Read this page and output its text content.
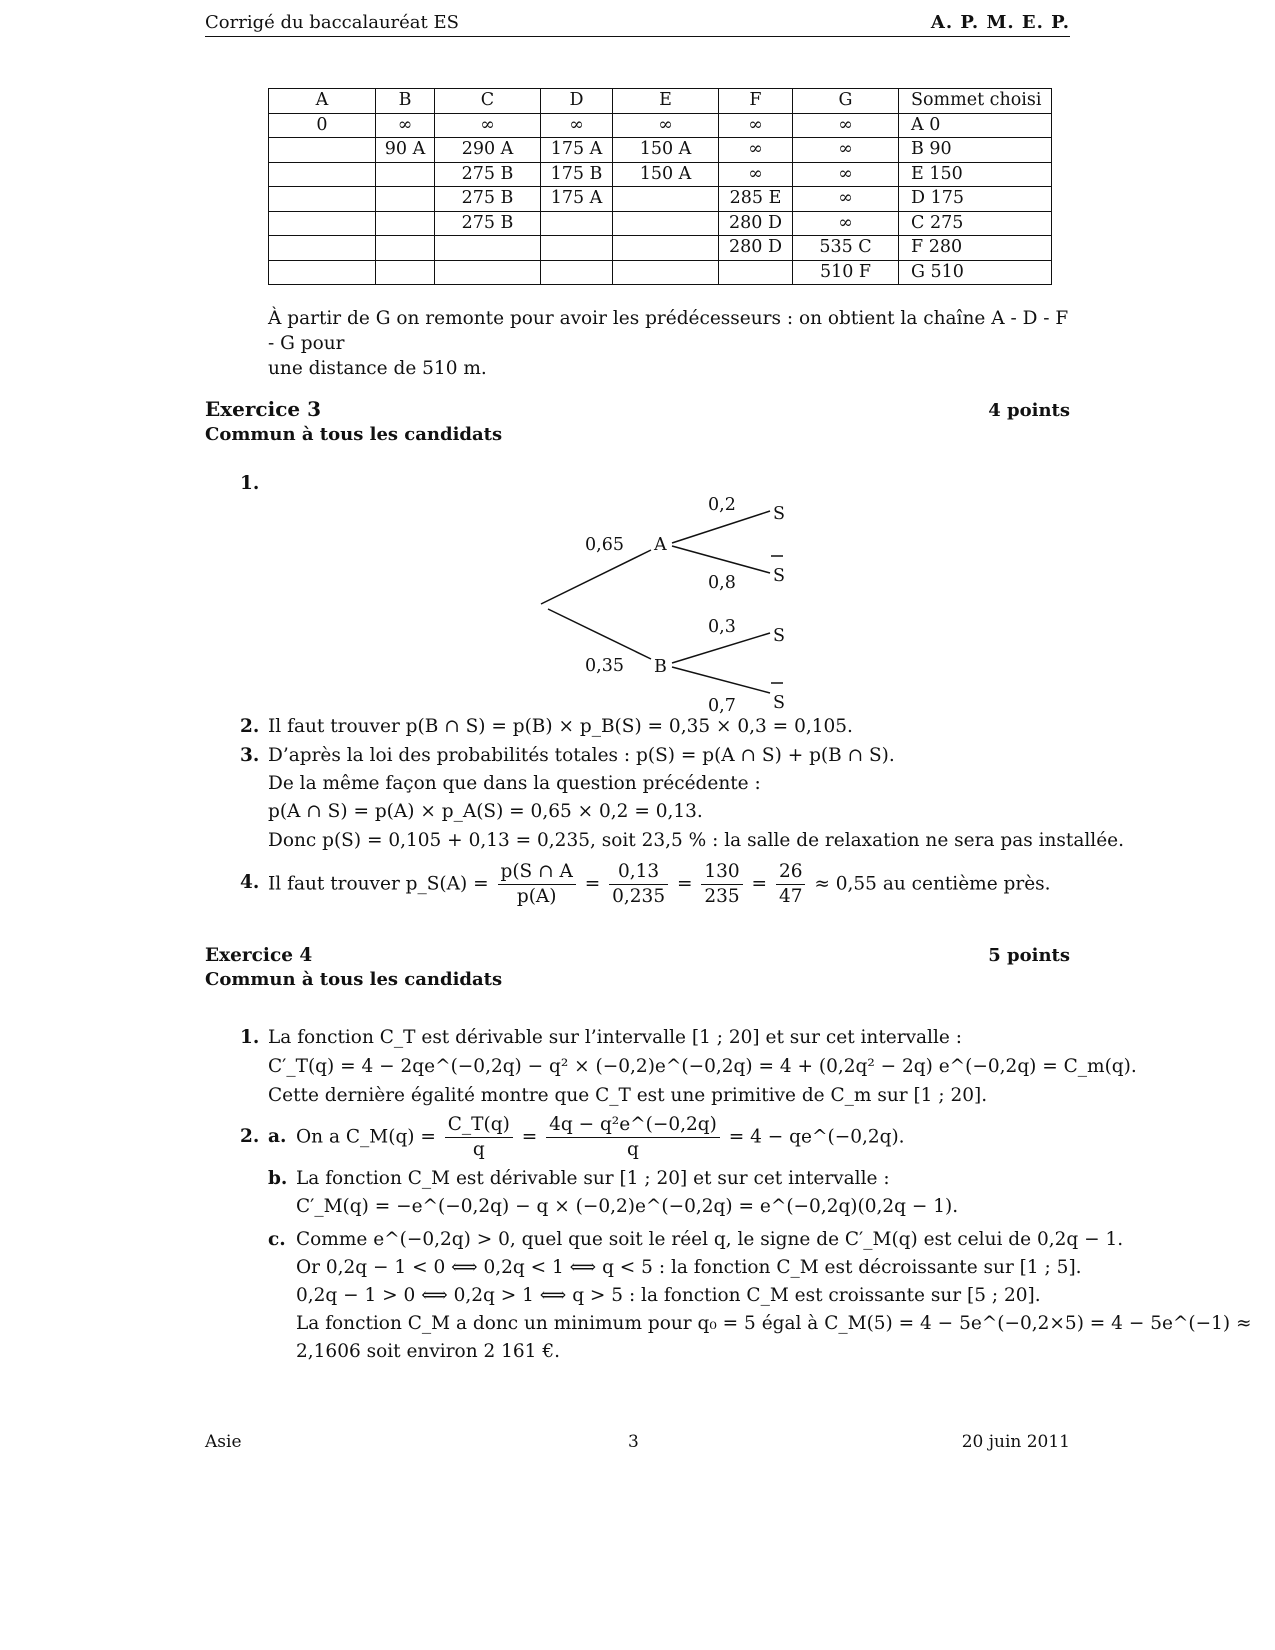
Corrigé du baccalauréat ES	A. P. M. E. P.
A	B	C	D	E	F	G	Sommet choisi
0	∞	∞	∞	∞	∞	∞	A 0
	90 A	290 A	175 A	150 A	∞	∞	B 90
		275 B	175 B	150 A	∞	∞	E 150
		275 B	175 A		285 E	∞	D 175
		275 B			280 D	∞	C 275
					280 D	535 C	F 280
						510 F	G 510
À partir de G on remonte pour avoir les prédécesseurs : on obtient la chaîne A - D - F - G pour
une distance de 510 m.
Exercice 3	4 points
Commun à tous les candidats
1.
A
B
0,65
0,35
0,2
0,8
0,3
0,7
S
S
S
S
2. Il faut trouver p(B ∩ S) = p(B) × p_B(S) = 0,35 × 0,3 = 0,105.
3. D’après la loi des probabilités totales : p(S) = p(A ∩ S) + p(B ∩ S).
De la même façon que dans la question précédente :
p(A ∩ S) = p(A) × p_A(S) = 0,65 × 0,2 = 0,13.
Donc p(S) = 0,105 + 0,13 = 0,235, soit 23,5 % : la salle de relaxation ne sera pas installée.
4. Il faut trouver p_S(A) = $\frac{p(S \cap A}{p(A)} = \frac{0,13}{0,235} = \frac{130}{235} = \frac{26}{47} \approx 0,55$ au centième près.
Exercice 4	5 points
Commun à tous les candidats
1. La fonction C_T est dérivable sur l’intervalle [1 ; 20] et sur cet intervalle :
C′_T(q) = 4 − 2qe^(−0,2q) − q² × (−0,2)e^(−0,2q) = 4 + (0,2q² − 2q) e^(−0,2q) = C_m(q).
Cette dernière égalité montre que C_T est une primitive de C_m sur [1 ; 20].
2. a. On a C_M(q) = $\frac{C\_T(q)}{q} = \frac{\text{4q − q²e\textasciicircum{}(−0,2q)}}{q} = 4$ − qe^(−0,2q).
b. La fonction C_M est dérivable sur [1 ; 20] et sur cet intervalle :
C′_M(q) = −e^(−0,2q) − q × (−0,2)e^(−0,2q) = e^(−0,2q)(0,2q − 1).
c. Comme e^(−0,2q) > 0, quel que soit le réel q, le signe de C′_M(q) est celui de 0,2q − 1.
Or 0,2q − 1 < 0 ⟺ 0,2q < 1 ⟺ q < 5 : la fonction C_M est décroissante sur [1 ; 5].
0,2q − 1 > 0 ⟺ 0,2q > 1 ⟺ q > 5 : la fonction C_M est croissante sur [5 ; 20].
La fonction C_M a donc un minimum pour q₀ = 5 égal à C_M(5) = 4 − 5e^(−0,2×5) = 4 − 5e^(−1) ≈
2,1606 soit environ 2 161 €.
Asie	3	20 juin 2011
